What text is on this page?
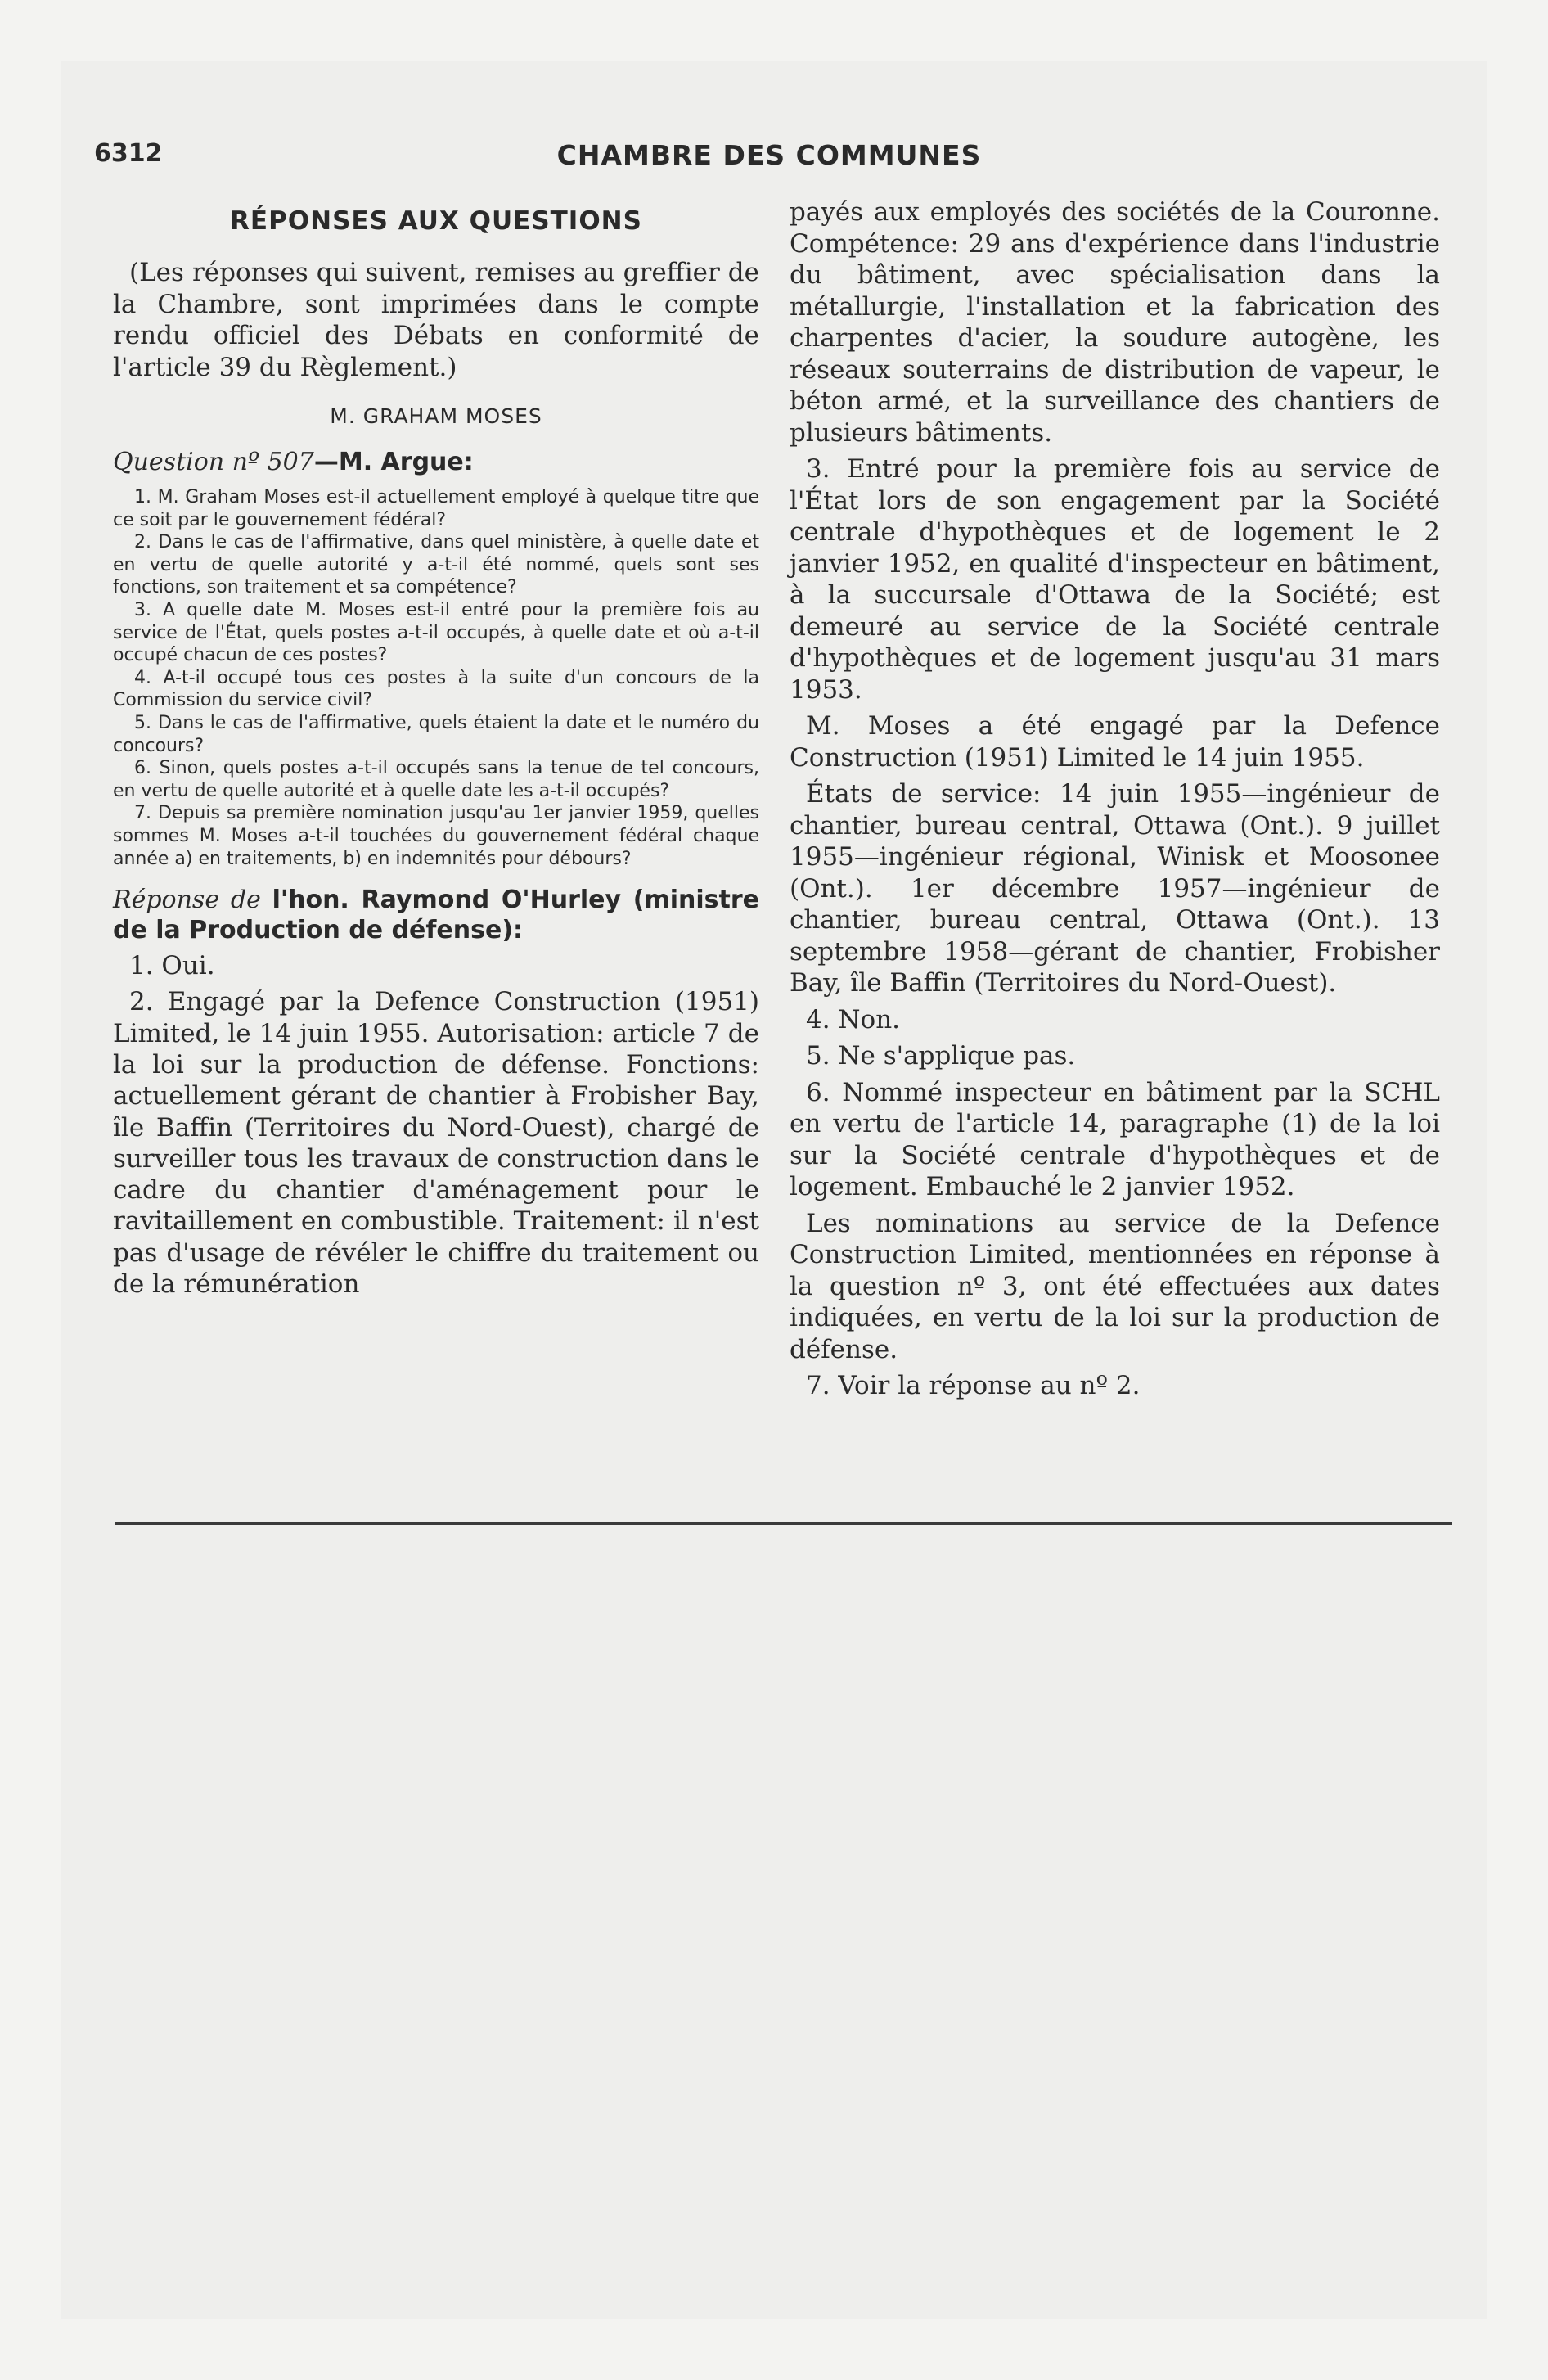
6312	CHAMBRE DES COMMUNES
RÉPONSES AUX QUESTIONS

(Les réponses qui suivent, remises au greffier de la Chambre, sont imprimées dans le compte rendu officiel des Débats en conformité de l'article 39 du Règlement.)

M. GRAHAM MOSES

Question nº 507—M. Argue:

1. M. Graham Moses est-il actuellement employé à quelque titre que ce soit par le gouvernement fédéral?

2. Dans le cas de l'affirmative, dans quel ministère, à quelle date et en vertu de quelle autorité y a-t-il été nommé, quels sont ses fonctions, son traitement et sa compétence?

3. A quelle date M. Moses est-il entré pour la première fois au service de l'État, quels postes a-t-il occupés, à quelle date et où a-t-il occupé chacun de ces postes?

4. A-t-il occupé tous ces postes à la suite d'un concours de la Commission du service civil?

5. Dans le cas de l'affirmative, quels étaient la date et le numéro du concours?

6. Sinon, quels postes a-t-il occupés sans la tenue de tel concours, en vertu de quelle autorité et à quelle date les a-t-il occupés?

7. Depuis sa première nomination jusqu'au 1er janvier 1959, quelles sommes M. Moses a-t-il touchées du gouvernement fédéral chaque année a) en traitements, b) en indemnités pour débours?

Réponse de l'hon. Raymond O'Hurley (ministre de la Production de défense):

1. Oui.

2. Engagé par la Defence Construction (1951) Limited, le 14 juin 1955. Autorisation: article 7 de la loi sur la production de défense. Fonctions: actuellement gérant de chantier à Frobisher Bay, île Baffin (Territoires du Nord-Ouest), chargé de surveiller tous les travaux de construction dans le cadre du chantier d'aménagement pour le ravitaillement en combustible. Traitement: il n'est pas d'usage de révéler le chiffre du traitement ou de la rémunération

payés aux employés des sociétés de la Couronne. Compétence: 29 ans d'expérience dans l'industrie du bâtiment, avec spécialisation dans la métallurgie, l'installation et la fabrication des charpentes d'acier, la soudure autogène, les réseaux souterrains de distribution de vapeur, le béton armé, et la surveillance des chantiers de plusieurs bâtiments.

3. Entré pour la première fois au service de l'État lors de son engagement par la Société centrale d'hypothèques et de logement le 2 janvier 1952, en qualité d'inspecteur en bâtiment, à la succursale d'Ottawa de la Société; est demeuré au service de la Société centrale d'hypothèques et de logement jusqu'au 31 mars 1953.

M. Moses a été engagé par la Defence Construction (1951) Limited le 14 juin 1955.

États de service: 14 juin 1955—ingénieur de chantier, bureau central, Ottawa (Ont.). 9 juillet 1955—ingénieur régional, Winisk et Moosonee (Ont.). 1er décembre 1957—ingénieur de chantier, bureau central, Ottawa (Ont.). 13 septembre 1958—gérant de chantier, Frobisher Bay, île Baffin (Territoires du Nord-Ouest).

4. Non.

5. Ne s'applique pas.

6. Nommé inspecteur en bâtiment par la SCHL en vertu de l'article 14, paragraphe (1) de la loi sur la Société centrale d'hypothèques et de logement. Embauché le 2 janvier 1952.

Les nominations au service de la Defence Construction Limited, mentionnées en réponse à la question nº 3, ont été effectuées aux dates indiquées, en vertu de la loi sur la production de défense.

7. Voir la réponse au nº 2.
